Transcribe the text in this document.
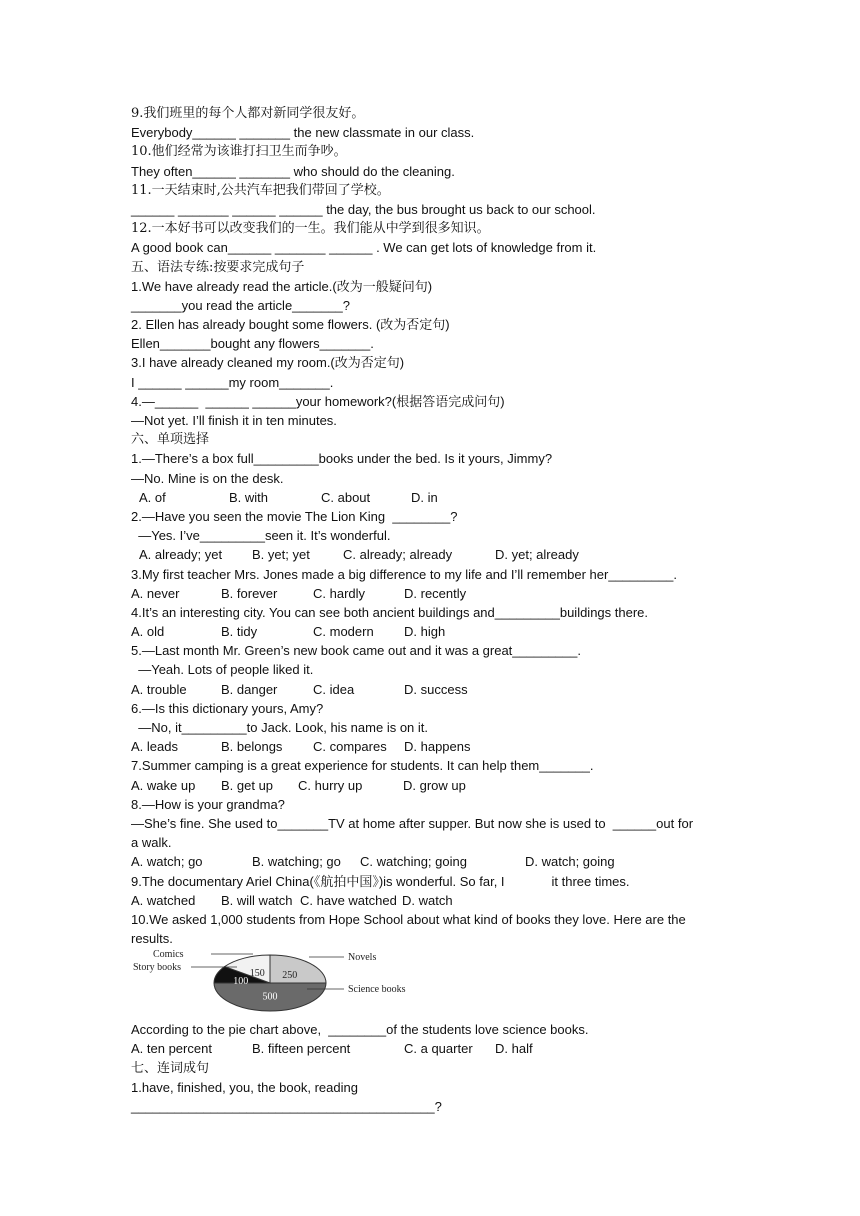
9.我们班里的每个人都对新同学很友好。
Everybody______ _______ the new classmate in our class.
10.他们经常为该谁打扫卫生而争吵。
They often______ _______ who should do the cleaning.
11.一天结束时,公共汽车把我们带回了学校。
______ _______ ______ ______ the day, the bus brought us back to our school.
12.一本好书可以改变我们的一生。我们能从中学到很多知识。
A good book can______ _______ ______ . We can get lots of knowledge from it.
五、语法专练:按要求完成句子
1.We have already read the article.(改为一般疑问句)
_______you read the article_______?
2. Ellen has already bought some flowers. (改为否定句)
Ellen_______bought any flowers_______.
3.I have already cleaned my room.(改为否定句)
I ______ ______my room_______.
4.—______  ______ ______your homework?(根据答语完成问句)
—Not yet. I’ll finish it in ten minutes.
六、单项选择
1.—There’s a box full_________books under the bed. Is it yours, Jimmy?
—No. Mine is on the desk.
A. of	B. with	C. about	D. in
2.—Have you seen the movie The Lion King  ________?
—Yes. I’ve_________seen it. It’s wonderful.
A. already; yet	B. yet; yet	C. already; already	D. yet; already
3.My first teacher Mrs. Jones made a big difference to my life and I’ll remember her_________.
A. never	B. forever	C. hardly	D. recently
4.It’s an interesting city. You can see both ancient buildings and_________buildings there.
A. old	B. tidy	C. modern	D. high
5.—Last month Mr. Green’s new book came out and it was a great_________.
—Yeah. Lots of people liked it.
A. trouble	B. danger	C. idea	D. success
6.—Is this dictionary yours, Amy?
—No, it_________to Jack. Look, his name is on it.
A. leads	B. belongs	C. compares	D. happens
7.Summer camping is a great experience for students. It can help them_______.
A. wake up	B. get up	C. hurry up	D. grow up
8.—How is your grandma?
—She’s fine. She used to_______TV at home after supper. But now she is used to  ______out for
a walk.
A. watch; go	B. watching; go	C. watching; going	D. watch; going
9.The documentary Ariel China(《航拍中国》)is wonderful. So far, I             it three times.
A. watched	B. will watch C. have watched D. watch
10.We asked 1,000 students from Hope School about what kind of books they love. Here are the
results.
250
500
100
150
Novels
Science books
Story books
Comics
According to the pie chart above,  ________of the students love science books.
A. ten percent	B. fifteen percent	C. a quarter	D. half
七、连词成句
1.have, finished, you, the book, reading
__________________________________________?
